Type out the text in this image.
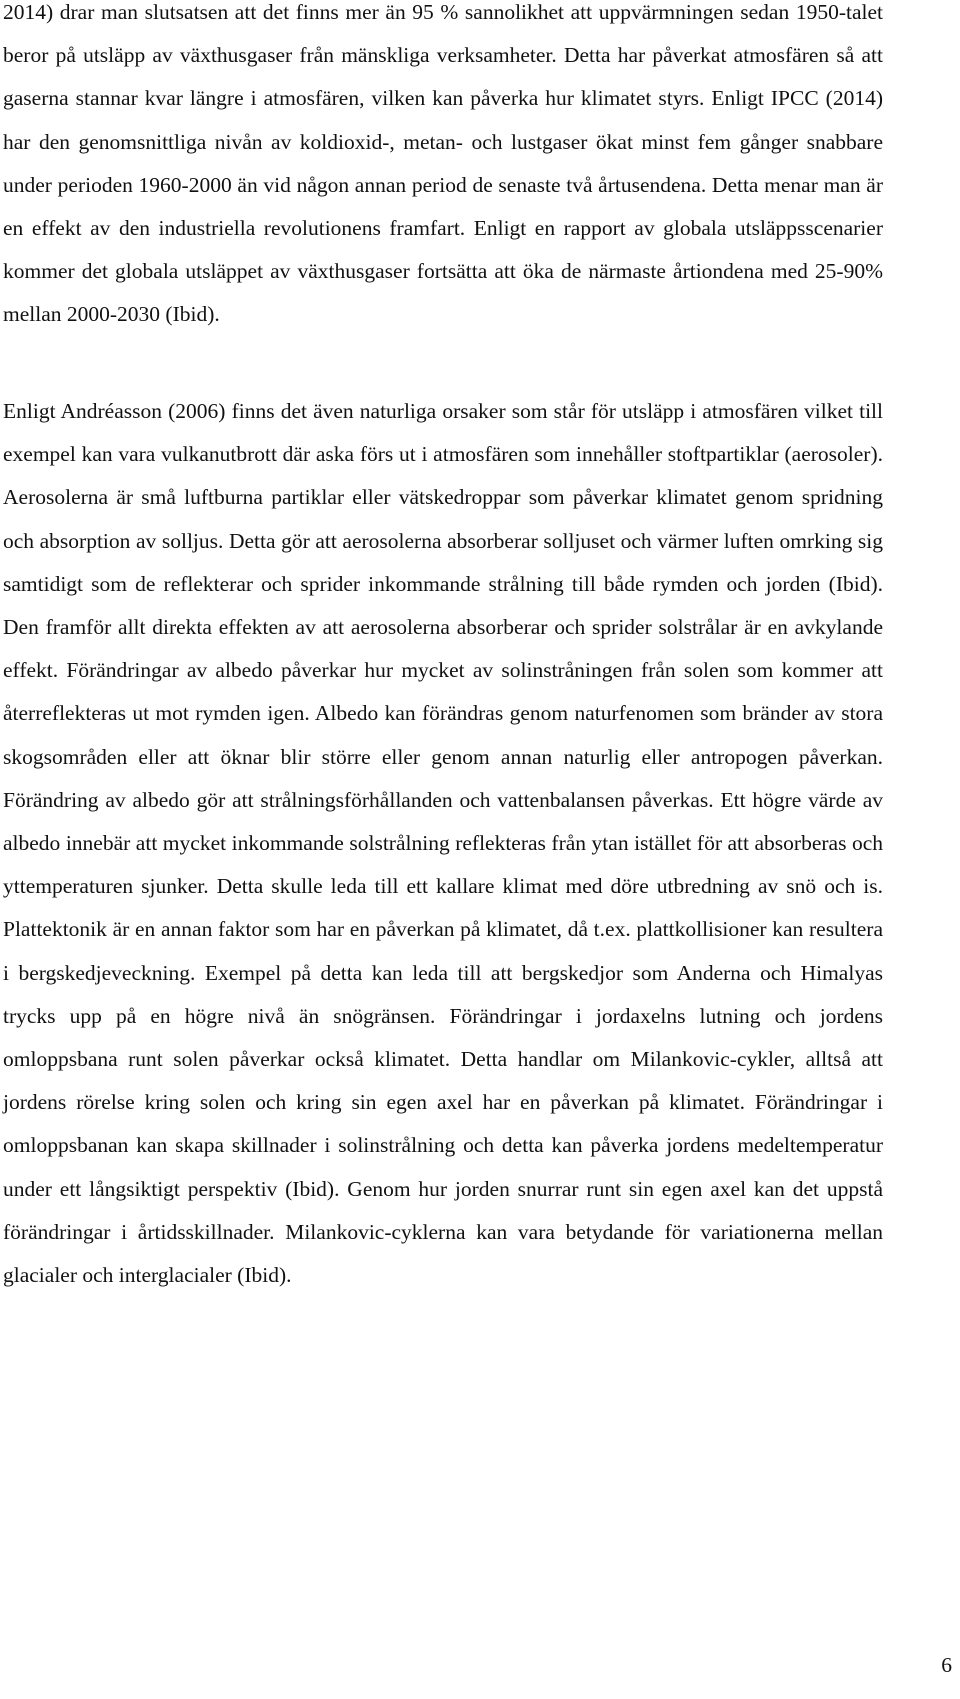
2014) drar man slutsatsen att det finns mer än 95 % sannolikhet att uppvärmningen sedan 1950-talet beror på utsläpp av växthusgaser från mänskliga verksamheter. Detta har påverkat atmosfären så att gaserna stannar kvar längre i atmosfären, vilken kan påverka hur klimatet styrs. Enligt IPCC (2014) har den genomsnittliga nivån av koldioxid-, metan- och lustgaser ökat minst fem gånger snabbare under perioden 1960-2000 än vid någon annan period de senaste två årtusendena. Detta menar man är en effekt av den industriella revolutionens framfart. Enligt en rapport av globala utsläppsscenarier kommer det globala utsläppet av växthusgaser fortsätta att öka de närmaste årtiondena med 25-90% mellan 2000-2030 (Ibid).

Enligt Andréasson (2006) finns det även naturliga orsaker som står för utsläpp i atmosfären vilket till exempel kan vara vulkanutbrott där aska förs ut i atmosfären som innehåller stoftpartiklar (aerosoler). Aerosolerna är små luftburna partiklar eller vätskedroppar som påverkar klimatet genom spridning och absorption av solljus. Detta gör att aerosolerna absorberar solljuset och värmer luften omrking sig samtidigt som de reflekterar och sprider inkommande strålning till både rymden och jorden (Ibid). Den framför allt direkta effekten av att aerosolerna absorberar och sprider solstrålar är en avkylande effekt. Förändringar av albedo påverkar hur mycket av solinstråningen från solen som kommer att återreflekteras ut mot rymden igen. Albedo kan förändras genom naturfenomen som bränder av stora skogsområden eller att öknar blir större eller genom annan naturlig eller antropogen påverkan. Förändring av albedo gör att strålningsförhållanden och vattenbalansen påverkas. Ett högre värde av albedo innebär att mycket inkommande solstrålning reflekteras från ytan istället för att absorberas och yttemperaturen sjunker. Detta skulle leda till ett kallare klimat med döre utbredning av snö och is. Plattektonik är en annan faktor som har en påverkan på klimatet, då t.ex. plattkollisioner kan resultera i bergskedjeveckning. Exempel på detta kan leda till att bergskedjor som Anderna och Himalyas trycks upp på en högre nivå än snögränsen. Förändringar i jordaxelns lutning och jordens omloppsbana runt solen påverkar också klimatet. Detta handlar om Milankovic-cykler, alltså att jordens rörelse kring solen och kring sin egen axel har en påverkan på klimatet. Förändringar i omloppsbanan kan skapa skillnader i solinstrålning och detta kan påverka jordens medeltemperatur under ett långsiktigt perspektiv (Ibid). Genom hur jorden snurrar runt sin egen axel kan det uppstå förändringar i årtidsskillnader. Milankovic-cyklerna kan vara betydande för variationerna mellan glacialer och interglacialer (Ibid).

6
